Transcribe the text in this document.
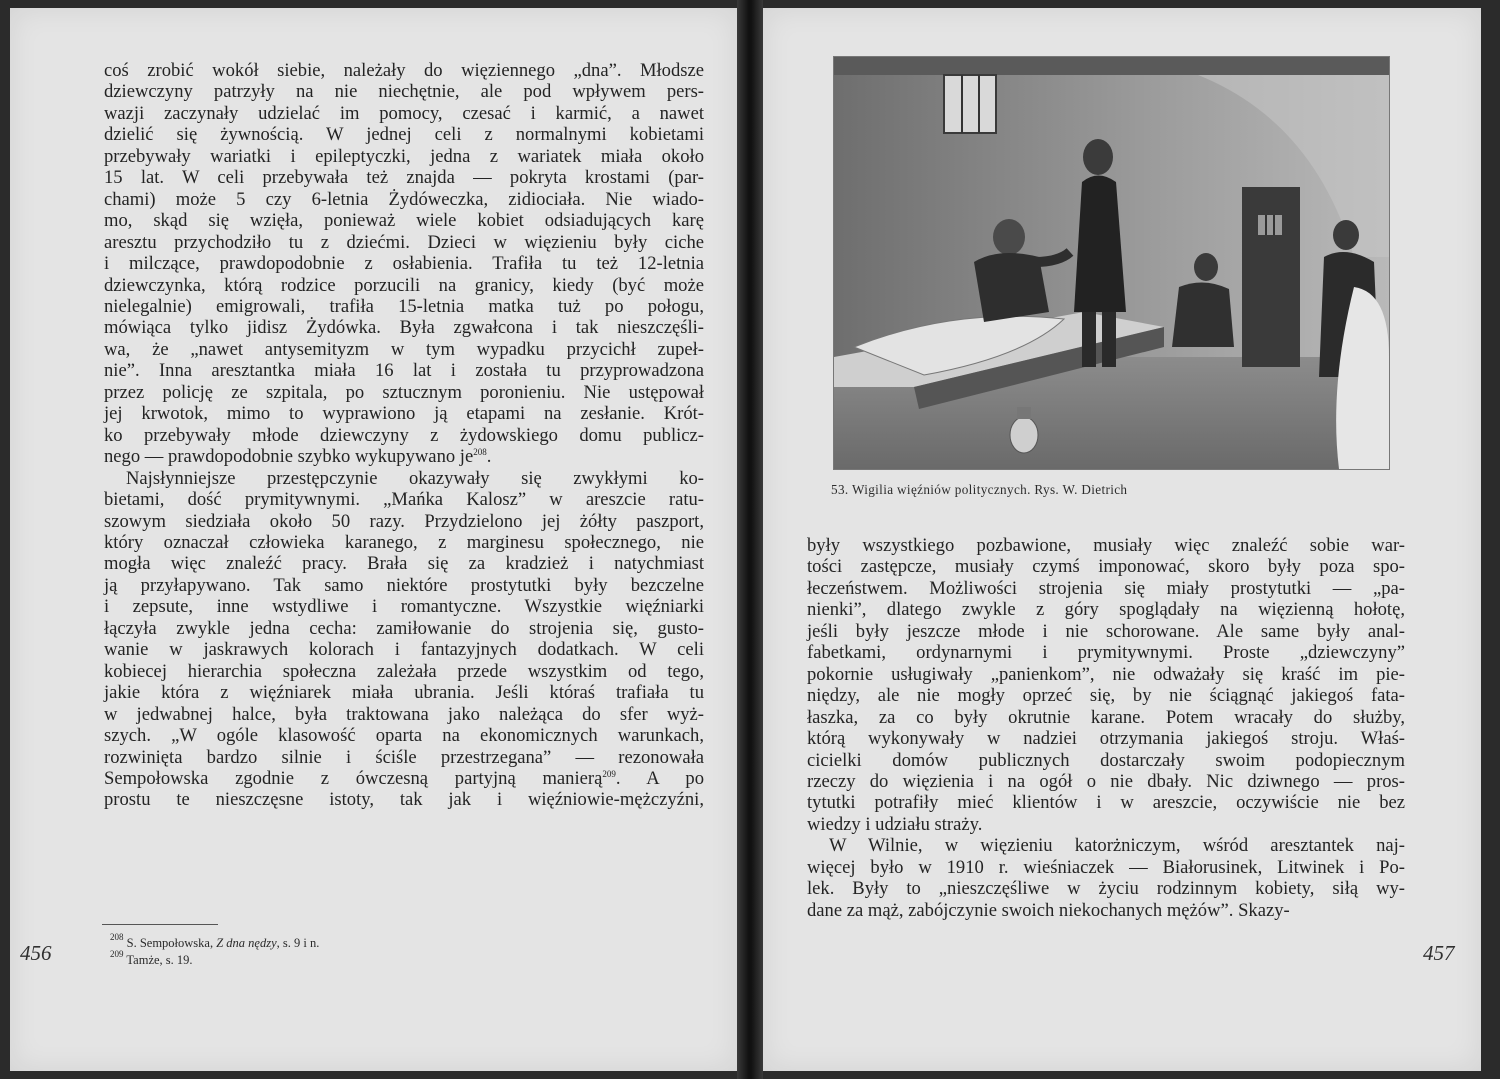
coś zrobić wokół siebie, należały do więziennego „dna”. Młodsze
dziewczyny patrzyły na nie niechętnie, ale pod wpływem pers-
wazji zaczynały udzielać im pomocy, czesać i karmić, a nawet
dzielić się żywnością. W jednej celi z normalnymi kobietami
przebywały wariatki i epileptyczki, jedna z wariatek miała około
15 lat. W celi przebywała też znajda — pokryta krostami (par-
chami) może 5 czy 6-letnia Żydóweczka, zidiociała. Nie wiado-
mo, skąd się wzięła, ponieważ wiele kobiet odsiadujących karę
aresztu przychodziło tu z dziećmi. Dzieci w więzieniu były ciche
i milczące, prawdopodobnie z osłabienia. Trafiła tu też 12-letnia
dziewczynka, którą rodzice porzucili na granicy, kiedy (być może
nielegalnie) emigrowali, trafiła 15-letnia matka tuż po połogu,
mówiąca tylko jidisz Żydówka. Była zgwałcona i tak nieszczęśli-
wa, że „nawet antysemityzm w tym wypadku przycichł zupeł-
nie”. Inna aresztantka miała 16 lat i została tu przyprowadzona
przez policję ze szpitala, po sztucznym poronieniu. Nie ustępował
jej krwotok, mimo to wyprawiono ją etapami na zesłanie. Krót-
ko przebywały młode dziewczyny z żydowskiego domu publicz-
nego — prawdopodobnie szybko wykupywano $je^{208}$.
Najsłynniejsze przestępczynie okazywały się zwykłymi ko-
bietami, dość prymitywnymi. „Mańka Kalosz” w areszcie ratu-
szowym siedziała około 50 razy. Przydzielono jej żółty paszport,
który oznaczał człowieka karanego, z marginesu społecznego, nie
mogła więc znaleźć pracy. Brała się za kradzież i natychmiast
ją przyłapywano. Tak samo niektóre prostytutki były bezczelne
i zepsute, inne wstydliwe i romantyczne. Wszystkie więźniarki
łączyła zwykle jedna cecha: zamiłowanie do strojenia się, gusto-
wanie w jaskrawych kolorach i fantazyjnych dodatkach. W celi
kobiecej hierarchia społeczna zależała przede wszystkim od tego,
jakie która z więźniarek miała ubrania. Jeśli któraś trafiała tu
w jedwabnej halce, była traktowana jako należąca do sfer wyż-
szych. „W ogóle klasowość oparta na ekonomicznych warunkach,
rozwinięta bardzo silnie i ściśle przestrzegana” — rezonowała
Sempołowska zgodnie z ówczesną partyjną manierą$^{209}$. A po
prostu te nieszczęsne istoty, tak jak i więźniowie-mężczyźni,
$^{208}$ S. Sempołowska, Z dna nędzy, s. 9 i n.
$^{209}$ Tamże, s. 19.
456
53. Wigilia więźniów politycznych. Rys. W. Dietrich
były wszystkiego pozbawione, musiały więc znaleźć sobie war-
tości zastępcze, musiały czymś imponować, skoro były poza spo-
łeczeństwem. Możliwości strojenia się miały prostytutki — „pa-
nienki”, dlatego zwykle z góry spoglądały na więzienną hołotę,
jeśli były jeszcze młode i nie schorowane. Ale same były anal-
fabetkami, ordynarnymi i prymitywnymi. Proste „dziewczyny”
pokornie usługiwały „panienkom”, nie odważały się kraść im pie-
niędzy, ale nie mogły oprzeć się, by nie ściągnąć jakiegoś fata-
łaszka, za co były okrutnie karane. Potem wracały do służby,
którą wykonywały w nadziei otrzymania jakiegoś stroju. Właś-
cicielki domów publicznych dostarczały swoim podopiecznym
rzeczy do więzienia i na ogół o nie dbały. Nic dziwnego — pros-
tytutki potrafiły mieć klientów i w areszcie, oczywiście nie bez
wiedzy i udziału straży.
W Wilnie, w więzieniu katorżniczym, wśród aresztantek naj-
więcej było w 1910 r. wieśniaczek — Białorusinek, Litwinek i Po-
lek. Były to „nieszczęśliwe w życiu rodzinnym kobiety, siłą wy-
dane za mąż, zabójczynie swoich niekochanych mężów”. Skazy-
457
